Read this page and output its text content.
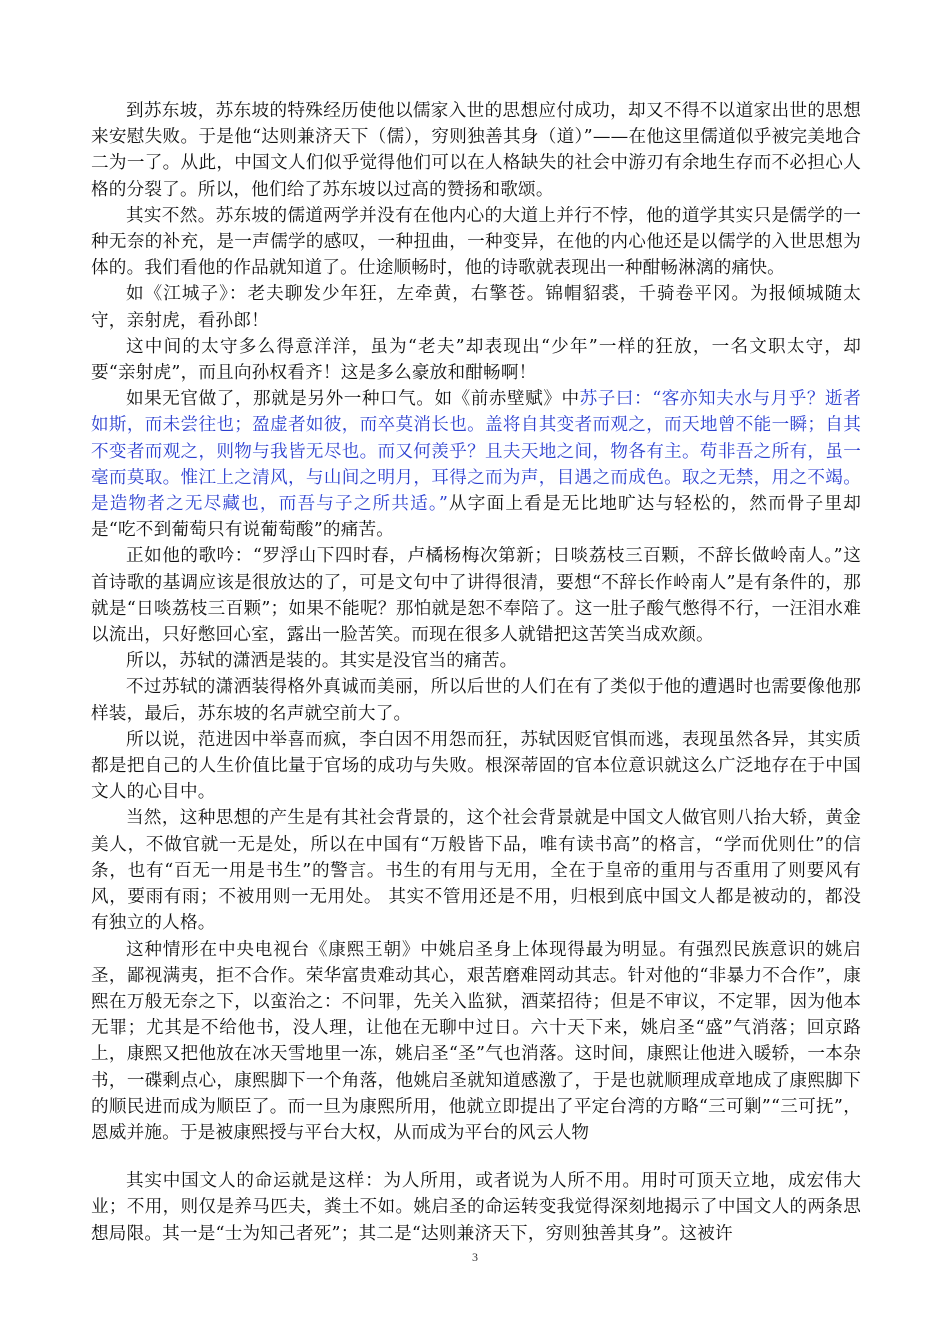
到苏东坡，苏东坡的特殊经历使他以儒家入世的思想应付成功，却又不得不以道家出世的思想来安慰失败。于是他“达则兼济天下（儒），穷则独善其身（道）”——在他这里儒道似乎被完美地合二为一了。从此，中国文人们似乎觉得他们可以在人格缺失的社会中游刃有余地生存而不必担心人格的分裂了。所以，他们给了苏东坡以过高的赞扬和歌颂。

其实不然。苏东坡的儒道两学并没有在他内心的大道上并行不悖，他的道学其实只是儒学的一种无奈的补充，是一声儒学的感叹，一种扭曲，一种变异，在他的内心他还是以儒学的入世思想为体的。我们看他的作品就知道了。仕途顺畅时，他的诗歌就表现出一种酣畅淋漓的痛快。

如《江城子》：老夫聊发少年狂，左牵黄，右擎苍。锦帽貂裘，千骑卷平冈。为报倾城随太守，亲射虎，看孙郎！

这中间的太守多么得意洋洋，虽为“老夫”却表现出“少年”一样的狂放，一名文职太守，却要“亲射虎”，而且向孙权看齐！这是多么豪放和酣畅啊！

如果无官做了，那就是另外一种口气。如《前赤壁赋》中苏子曰：“客亦知夫水与月乎？逝者如斯，而未尝往也；盈虚者如彼，而卒莫消长也。盖将自其变者而观之，而天地曾不能一瞬；自其不变者而观之，则物与我皆无尽也。而又何羡乎？且夫天地之间，物各有主。苟非吾之所有，虽一毫而莫取。惟江上之清风，与山间之明月，耳得之而为声，目遇之而成色。取之无禁，用之不竭。 是造物者之无尽藏也，而吾与子之所共适。”从字面上看是无比地旷达与轻松的，然而骨子里却是“吃不到葡萄只有说葡萄酸”的痛苦。

正如他的歌吟：“罗浮山下四时春，卢橘杨梅次第新；日啖荔枝三百颗，不辞长做岭南人。”这首诗歌的基调应该是很放达的了，可是文句中了讲得很清，要想“不辞长作岭南人”是有条件的，那就是“日啖荔枝三百颗”；如果不能呢？那怕就是恕不奉陪了。这一肚子酸气憋得不行，一汪泪水难以流出，只好憋回心室，露出一脸苦笑。而现在很多人就错把这苦笑当成欢颜。

所以，苏轼的潇洒是装的。其实是没官当的痛苦。

不过苏轼的潇洒装得格外真诚而美丽，所以后世的人们在有了类似于他的遭遇时也需要像他那样装，最后，苏东坡的名声就空前大了。

所以说，范进因中举喜而疯，李白因不用怨而狂，苏轼因贬官惧而逃，表现虽然各异，其实质都是把自己的人生价值比量于官场的成功与失败。根深蒂固的官本位意识就这么广泛地存在于中国文人的心目中。

当然，这种思想的产生是有其社会背景的，这个社会背景就是中国文人做官则八抬大轿，黄金美人，不做官就一无是处，所以在中国有“万般皆下品，唯有读书高”的格言，“学而优则仕”的信条，也有“百无一用是书生”的警言。书生的有用与无用，全在于皇帝的重用与否重用了则要风有风，要雨有雨；不被用则一无用处。 其实不管用还是不用，归根到底中国文人都是被动的，都没有独立的人格。

这种情形在中央电视台《康熙王朝》中姚启圣身上体现得最为明显。有强烈民族意识的姚启圣，鄙视满夷，拒不合作。荣华富贵难动其心，艰苦磨难罔动其志。针对他的“非暴力不合作”，康熙在万般无奈之下，以蛮治之：不问罪，先关入监狱，酒菜招待；但是不审议，不定罪，因为他本无罪；尤其是不给他书，没人理，让他在无聊中过日。六十天下来，姚启圣“盛”气消落；回京路上，康熙又把他放在冰天雪地里一冻，姚启圣“圣”气也消落。这时间，康熙让他进入暖轿，一本杂书，一碟剩点心，康熙脚下一个角落，他姚启圣就知道感激了，于是也就顺理成章地成了康熙脚下的顺民进而成为顺臣了。而一旦为康熙所用，他就立即提出了平定台湾的方略“三可剿”“三可抚”，恩威并施。于是被康熙授与平台大权，从而成为平台的风云人物

其实中国文人的命运就是这样：为人所用，或者说为人所不用。用时可顶天立地，成宏伟大业；不用，则仅是养马匹夫，粪土不如。姚启圣的命运转变我觉得深刻地揭示了中国文人的两条思想局限。其一是“士为知己者死”；其二是“达则兼济天下，穷则独善其身”。这被许

3
